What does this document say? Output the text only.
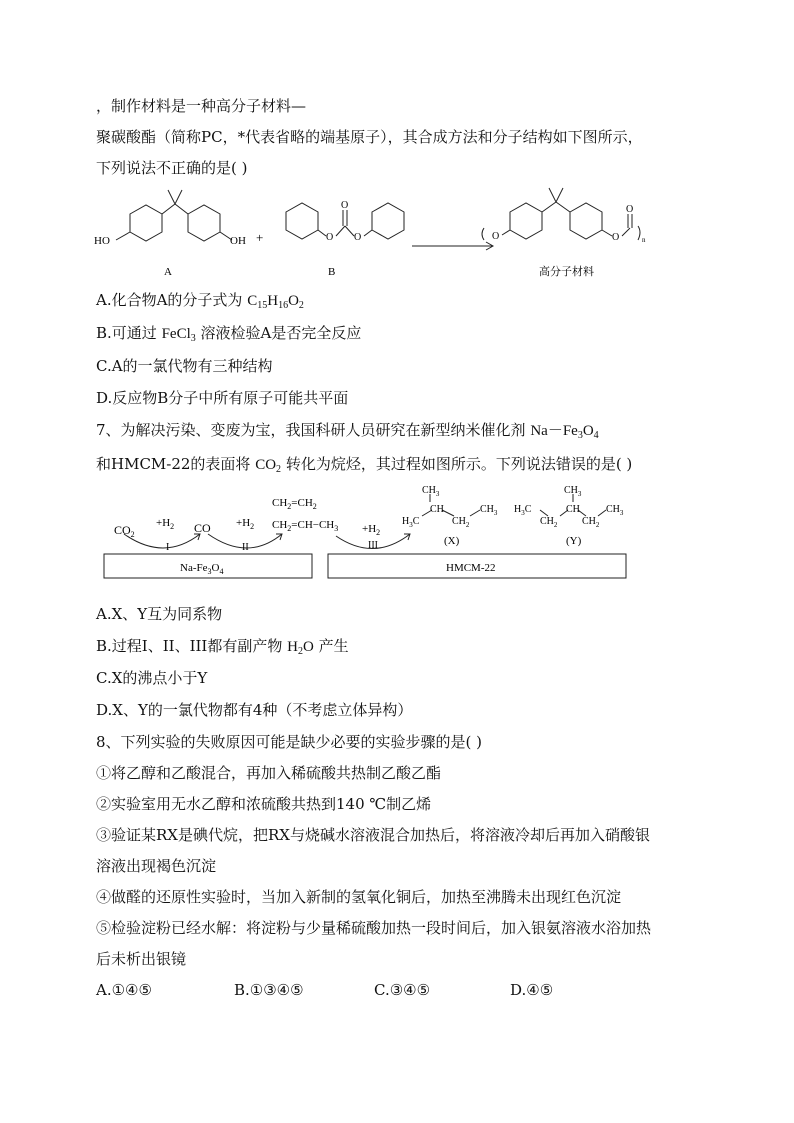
，制作材料是一种高分子材料—
聚碳酸酯（简称PC，*代表省略的端基原子），其合成方法和分子结构如下图所示，
下列说法不正确的是( )
HO	OH +	O O
O
O	O
O
n
A	B	高分子材料
A.化合物A的分子式为 $C_{15}H_{16}O_2$
B.可通过 FeCl$_3$ 溶液检验A是否完全反应
C.A的一氯代物有三种结构
D.反应物B分子中所有原子可能共平面
7、为解决污染、变废为宝，我国科研人员研究在新型纳米催化剂 $Na-Fe_3O_4$
和HMCM-22的表面将 $CO_2$ 转化为烷烃，其过程如图所示。下列说法错误的是( )
$CO_2$
$+H_2$
I
CO $+H_2$
II
$CH_2=CH_2$
$CH_2=CH-CH_3 +H_2$
III
$CH_3$
CH
$H_3C$	$CH_2$
$CH_3$
(X)
$CH_3$
CH
$H_3C$
$CH_2$ $CH_2$
$CH_3$
(Y)
$Na-Fe_3O_4$	HMCM-22
A.X、Y互为同系物
B.过程I、II、III都有副产物 $H_2O$ 产生
C.X的沸点小于Y
D.X、Y的一氯代物都有4种（不考虑立体异构）
8、下列实验的失败原因可能是缺少必要的实验步骤的是( )
①将乙醇和乙酸混合，再加入稀硫酸共热制乙酸乙酯
②实验室用无水乙醇和浓硫酸共热到140 ℃制乙烯
③验证某RX是碘代烷，把RX与烧碱水溶液混合加热后，将溶液冷却后再加入硝酸银
溶液出现褐色沉淀
④做醛的还原性实验时，当加入新制的氢氧化铜后，加热至沸腾未出现红色沉淀
⑤检验淀粉已经水解：将淀粉与少量稀硫酸加热一段时间后，加入银氨溶液水浴加热
后未析出银镜
A.①④⑤	B.①③④⑤	C.③④⑤	D.④⑤
